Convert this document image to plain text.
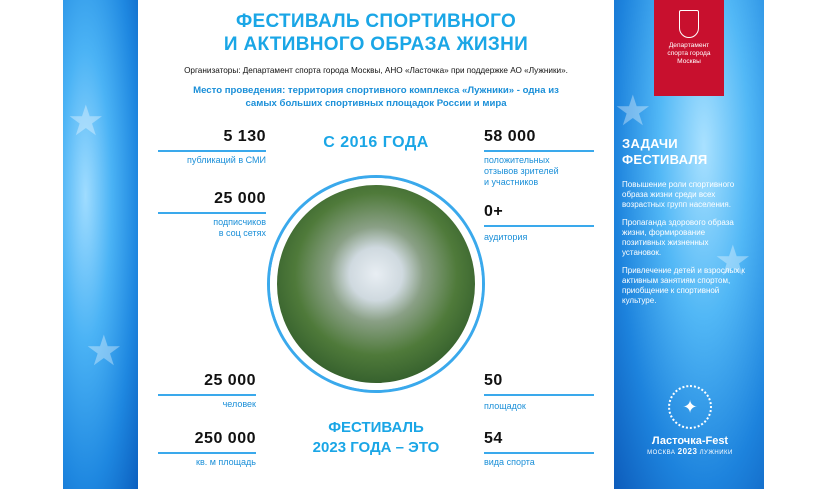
★
★
★
★
ФЕСТИВАЛЬ СПОРТИВНОГО
И АКТИВНОГО ОБРАЗА ЖИЗНИ
Организаторы: Департамент спорта города Москвы, АНО «Ласточка» при поддержке АО «Лужники».
Место проведения: территория спортивного комплекса «Лужники» - одна из
самых больших спортивных площадок России и мира
С 2016 ГОДА
5 130
публикаций в СМИ
25 000
подписчиков
в соц сетях
58 000
положительных
отзывов зрителей
и участников
0+
аудитория
25 000
человек
250 000
кв. м площадь
50
площадок
54
вида спорта
ФЕСТИВАЛЬ
2023 ГОДА – ЭТО
Департамент
спорта города
Москвы
ЗАДАЧИ
ФЕСТИВАЛЯ

Повышение роли спортивного образа жизни среди всех возрастных групп населения.

Пропаганда здорового образа жизни, формирование позитивных жизненных установок.

Привлечение детей и взрослых к активным занятиям спортом, приобщение к спортивной культуре.

✦
Ласточка-Fest
МОСКВА 2023 ЛУЖНИКИ
